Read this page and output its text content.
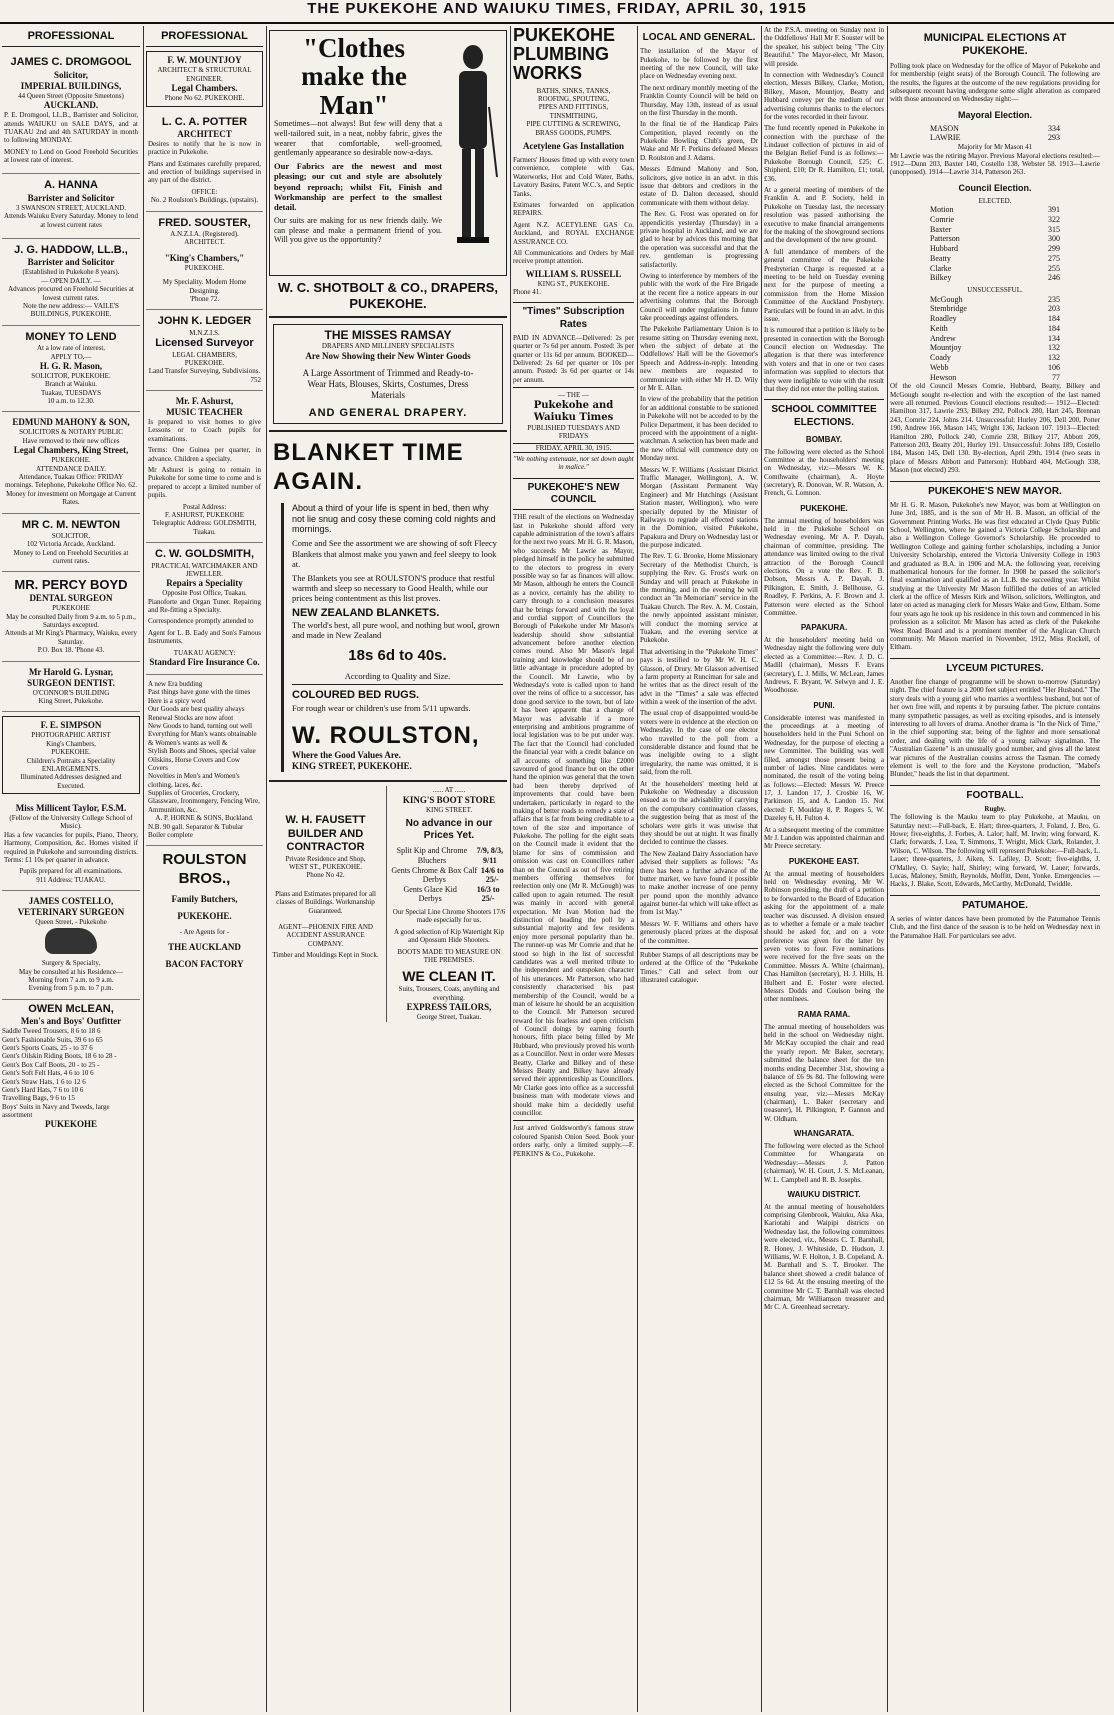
THE PUKEKOHE AND WAIUKU TIMES, FRIDAY, APRIL 30, 1915
PROFESSIONAL
JAMES C. DROMGOOL
Solicitor,
IMPERIAL BUILDINGS,
44 Queen Street (Opposite Smeetons)
AUCKLAND.

P. E. Dromgool, LL.B., Barrister and Solicitor, attends WAIUKU on SALE DAYS, and at TUAKAU 2nd and 4th SATURDAY in month to following MONDAY.

MONEY to Lend on Good Freehold Securities at lowest rate of interest.

A. HANNA
Barrister and Solicitor
3 SWANSON STREET, AUCKLAND.

Attends Waiuku Every Saturday. Money to lend at lowest current rates

J. G. HADDOW, LL.B.,
Barrister and Solicitor
(Established in Pukekohe 8 years).
— OPEN DAILY. —
Advances procured on Freehold Securities at lowest current rates.
Note the new address:— VAILE'S BUILDINGS, PUKEKOHE.
MONEY TO LEND
At a low rate of interest,
APPLY TO,—
H. G. R. Mason,
SOLICITOR, PUKEKOHE.
Branch at Waiuku.
Tuakau, TUESDAYS
10 a.m. to 12.30.
EDMUND MAHONY & SON,
SOLICITORS & NOTARY PUBLIC
Have removed to their new offices
Legal Chambers, King Street,
PUKEKOHE.
ATTENDANCE DAILY.
Attendance, Tuakau Office: FRIDAY mornings. Telephone, Pukekohe Office No. 62.
Money for investment on Mortgage at Current Rates.
MR C. M. NEWTON
SOLICITOR.
102 Victoria Arcade, Auckland.
Money to Lend on Freehold Securities at current rates.
MR. PERCY BOYD
DENTAL SURGEON
PUKEKOHE
May be consulted Daily from 9 a.m. to 5 p.m., Saturdays excepted.
Attends at Mr King's Pharmacy, Waiuku, every Saturday.
P.O. Box 18. 'Phone 43.
Mr Harold G. Lysnar,
SURGEON DENTIST.
O'CONNOR'S BUILDING
King Street, Pukekohe.
F. E. SIMPSON
PHOTOGRAPHIC ARTIST
King's Chambers,
PUKEKOHE.
Children's Portraits a Speciality
ENLARGEMENTS.
Illuminated Addresses designed and Executed.
Miss Millicent Taylor, F.S.M.
(Fellow of the University College School of Music).

Has a few vacancies for pupils, Piano, Theory, Harmony, Composition, &c. Homes visited if required in Pukekohe and surrounding districts. Terms: £1 10s per quarter in advance.

Pupils prepared for all examinations.
911 Address: TUAKAU.
JAMES COSTELLO,
VETERINARY SURGEON
Queen Street, - Pukekohe
Surgery & Specialty,
May be consulted at his Residence—
Morning from 7 a.m. to 9 a.m.
Evening from 5 p.m. to 7 p.m.
OWEN McLEAN,
Men's and Boys' Outfitter
Saddle Tweed Trousers, 8 6 to 18 6
Gent's Fashionable Suits, 39 6 to 65
Gent's Sports Coats, 25 - to 37 6
Gent's Oilskin Riding Boots, 18 6 to 28 -
Gent's Box Calf Boots, 20 - to 25 -
Gent's Soft Felt Hats, 4 6 to 10 6
Gent's Straw Hats, 1 6 to 12 6
Gent's Hard Hats, 7 6 to 10 6
Travelling Bags, 9 6 to 15
Boys' Suits in Navy and Tweeds, large assortment
PUKEKOHE
PROFESSIONAL
F. W. MOUNTJOY
ARCHITECT & STRUCTURAL ENGINEER.
Legal Chambers.
Phone No 62. PUKEKOHE.
L. C. A. POTTER
ARCHITECT

Desires to notify that he is now in practice in Pukekohe.

Plans and Estimates carefully prepared, and erection of buildings supervised in any part of the district.

OFFICE:
No. 2 Roulston's Buildings, (upstairs).
FRED. SOUSTER,
A.N.Z.I.A. (Registered).
ARCHITECT.
"King's Chambers,"
PUKEKOHE.
My Speciality. Modern Home Designing.
'Phone 72.
JOHN K. LEDGER
M.N.Z.I.S.
Licensed Surveyor
LEGAL CHAMBERS,
PUKEKOHE.
Land Transfer Surveying, Subdivisions.
752
Mr. F. Ashurst,
MUSIC TEACHER

Is prepared to visit homes to give Lessons or to Coach pupils for examinations.

Terms: One Guinea per quarter, in advance. Children a specialty.

Mr Ashurst is going to remain in Pukekohe for some time to come and is prepared to accept a limited number of pupils.

Postal Address:
F. ASHURST, PUKEKOHE
Telegraphic Address: GOLDSMITH, Tuakau.
C. W. GOLDSMITH,
PRACTICAL WATCHMAKER AND JEWELLER.
Repairs a Speciality
Opposite Post Office, Tuakau.

Pianoforte and Organ Tuner. Repairing and Re-fitting a Specialty.

Correspondence promptly attended to

Agent for L. B. Eady and Son's Famous Instruments.

TUAKAU AGENCY:
Standard Fire Insurance Co.
A new Era budding
Past things have gone with the times
Here is a spicy word
Our Goods are best quality always
Renewal Stocks are now afoot
New Goods to hand, turning out well
Everything for Man's wants obtainable
& Women's wants as well &
Stylish Boots and Shoes, special value
Oilskins, Horse Covers and Cow Covers
Novelties in Men's and Women's clothing, laces, &c.
Supplies of Groceries, Crockery, Glassware, Ironmongery, Fencing Wire, Ammunition, &c.
A. P. HORNE & SONS, Buckland.
N.B. 90 gall. Separator & Tubular Boiler complete
ROULSTON BROS.,
Family Butchers,
PUKEKOHE.
- Are Agents for -
THE AUCKLAND
BACON FACTORY
"Clothes make the Man"

Sometimes—not always! But few will deny that a well-tailored suit, in a neat, nobby fabric, gives the wearer that comfortable, well-groomed, gentlemanly appearance so desirable now-a-days.

Our Fabrics are the newest and most pleasing; our cut and style are absolutely beyond reproach; whilst Fit, Finish and Workmanship are perfect to the smallest detail.

Our suits are making for us new friends daily. We can please and make a permanent friend of you. Will you give us the opportunity?

W. C. SHOTBOLT & CO., DRAPERS, PUKEKOHE.
THE MISSES RAMSAY
DRAPERS AND MILLINERY SPECIALISTS
Are Now Showing their New Winter Goods

A Large Assortment of Trimmed and Ready-to-Wear Hats, Blouses, Skirts, Costumes, Dress Materials

AND GENERAL DRAPERY.
BLANKET TIME
AGAIN.

About a third of your life is spent in bed, then why not lie snug and cosy these coming cold nights and mornings.

Come and See the assortment we are showing of soft Fleecy Blankets that almost make you yawn and feel sleepy to look at.

The Blankets you see at ROULSTON'S produce that restful warmth and sleep so necessary to Good Health, while our prices being contentment as this list proves.

NEW ZEALAND BLANKETS.

The world's best, all pure wool, and nothing but wool, grown and made in New Zealand

18s 6d to 40s.

According to Quality and Size.

COLOURED BED RUGS.

For rough wear or children's use from 5/11 upwards.

W. ROULSTON,
Where the Good Values Are.
KING STREET, PUKEKOHE.
W. H. FAUSETT
BUILDER AND
CONTRACTOR
Private Residence and Shop,
WEST ST., PUKEKOHE.
Phone No 42.

Plans and Estimates prepared for all classes of Buildings. Workmanship Guaranteed.

AGENT—PHOENIX FIRE AND ACCIDENT ASSURANCE COMPANY.

Timber and Mouldings Kept in Stock.

...... AT ......
KING'S BOOT STORE
KING STREET.
No advance in our Prices Yet.
Split Kip and Chrome Bluchers
7/9, 8/3, 9/11
Gents Chrome & Box Calf Derbys
14/6 to 25/-
Gents Glace Kid Derbys
16/3 to 25/-

Our Special Line Chrome Shooters 17/6 made especially for us.

A good selection of Kip Watertight Kip and Opossum Hide Shooters.

BOOTS MADE TO MEASURE ON THE PREMISES.

WE CLEAN IT.
Suits, Trousers, Coats, anything and everything.
EXPRESS TAILORS,
George Street, Tuakau.
PUKEKOHE PLUMBING WORKS
BATHS, SINKS, TANKS,
ROOFING, SPOUTING,
PIPES AND FITTINGS,
TINSMITHING,
PIPE CUTTING & SCREWING,
BRASS GOODS, PUMPS.
Acetylene Gas Installation

Farmers' Houses fitted up with every town convenience, complete with Gas, Waterworks, Hot and Cold Water, Baths, Lavatory Basins, Patent W.C.'s, and Septic Tanks.

Estimates forwarded on application REPAIRS.

Agent N.Z. ACETYLENE GAS Co. Auckland, and ROYAL EXCHANGE ASSURANCE CO.

All Communications and Orders by Mail receive prompt attention.

WILLIAM S. RUSSELL
KING ST., PUKEKOHE.
Phone 41.
"Times" Subscription Rates

PAID IN ADVANCE—Delivered: 2s per quarter or 7s 6d per annum. Posted: 3s per quarter or 11s 6d per annum. BOOKED—Delivered: 2s 6d per quarter or 10s per annum. Posted: 3s 6d per quarter or 14s per annum.

— THE —
Pukekohe and Waiuku Times
PUBLISHED TUESDAYS AND FRIDAYS
FRIDAY, APRIL 30, 1915.
"We nothing extenuate, nor set down aught in malice."
PUKEKOHE'S NEW COUNCIL

THE result of the elections on Wednesday last in Pukekohe should afford very capable administration of the town's affairs for the next two years. Mr H. G. R. Mason, who succeeds Mr Lawrie as Mayor, pledged himself in the policy he submitted to the electors to progress in every possible way so far as finances will allow. Mr Mason, although he enters the Council as a novice, certainly has the ability to carry through to a conclusion measures that he brings forward and with the loyal and cordial support of Councillors the Borough of Pukekohe under Mr Mason's leadership should show substantial advancement before another election comes round. Also Mr Mason's legal training and knowledge should be of no little advantage in procedure adopted by the Council. Mr Lawrie, who by Wednesday's vote is called upon to hand over the reins of office to a successor, has done good service to the town, but of late it has been apparent that a change of Mayor was advisable if a more enterprising and ambitious programme of local legislation was to be put under way. The fact that the Council had concluded the financial year with a credit balance on all accounts of something like £2000 savoured of good finance but on the other hand the opinion was general that the town had been thereby deprived of improvements that could have been undertaken, particularly in regard to the making of better roads to remedy a state of affairs that is far from being creditable to a town of the size and importance of Pukekohe. The polling for the eight seats on the Council made it evident that the blame for sins of commission and omission was cast on Councillors rather than on the Council as out of five retiring members offering themselves for reelection only one (Mr R. McGough) was called upon to again returned. The result was mainly in accord with general expectation. Mr Ivan Motion had the distinction of heading the poll by a substantial majority and few residents enjoy more personal popularity than he. The runner-up was Mr Comrie and that he stood so high in the list of successful candidates was a well merited tribute to the independent and outspoken character of his utterances. Mr Patterson, who had consistently characterised his past membership of the Council, would be a man of leisure he should be an acquisition to the Council. Mr Patterson secured reward for his fearless and open criticism of Council doings by earning fourth honours, fifth place being filled by Mr Hubbard, who previously proved his worth as a Councillor. Next in order were Messrs Beatty, Clarke and Bilkey and of these Messrs Beatty and Bilkey have already served their apprenticeship as Councillors. Mr Clarke goes into office as a successful business man with moderate views and should make him a decidedly useful councillor.

Just arrived Goldsworthy's famous straw coloured Spanish Onion Seed. Book your orders early, only a limited supply.—F. PERKIN'S & Co., Pukekohe.

LOCAL AND GENERAL.

The installation of the Mayor of Pukekohe, to be followed by the first meeting of the new Council, will take place on Wednesday evening next.

The next ordinary monthly meeting of the Franklin County Council will be held on Thursday, May 13th, instead of as usual on the first Thursday in the month.

In the final tie of the Handicap Pairs Competition, played recently on the Pukekohe Bowling Club's green, Dr Wake and Mr F. Perkins defeated Messrs D. Roulston and J. Adams.

Messrs Edmund Mahony and Son, solicitors, give notice in an advt. in this issue that debtors and creditors in the estate of D. Dalton deceased, should communicate with them without delay.

The Rev. G. Frost was operated on for appendicitis yesterday (Thursday) in a private hospital in Auckland, and we are glad to hear by advices this morning that the operation was successful and that the rev. gentleman is progressing satisfactorily.

Owing to interference by members of the public with the work of the Fire Brigade at the recent fire a notice appears in our advertising columns that the Borough Council will under regulations in future take proceedings against offenders.

The Pukekohe Parliamentary Union is to resume sitting on Thursday evening next, when the subject of debate at the Oddfellows' Hall will be the Governor's Speech and Address-in-reply. Intending new members are requested to communicate with either Mr H. D. Wily or Mr E. Allan.

In view of the probability that the petition for an additional constable to be stationed in Pukekohe will not be acceded to by the Police Department, it has been decided to proceed with the appointment of a night-watchman. A selection has been made and the new official will commence duty on Monday next.

Messrs W. F. Williams (Assistant District Traffic Manager, Wellington), A. W. Morgan (Assistant Permanent Way Engineer) and Mr Hutchings (Assistant Station master, Wellington), who were specially deputed by the Minister of Railways to regrade all effected stations in the Dominion, visited Pukekohe, Papakura and Drury on Wednesday last or the purpose indicated.

The Rev. T. G. Brooke, Home Missionary Secretary of the Methodist Church, is supplying the Rev. G. Frost's work on Sunday and will preach at Pukekohe in the morning, and in the evening he will conduct an "In Memoriam" service in the Tuakau Church. The Rev. A. M. Costain, the newly appointed assistant minister, will conduct the morning service at Tuakau, and the evening service at Pukekohe.

That advertising in the "Pukekohe Times" pays is testified to by Mr W. H. C. Glasson, of Drury. Mr Glasson advertised a farm property at Runciman for sale and he writes that as the direct result of the advt in the "Times" a sale was effected within a week of the insertion of the advt.

The usual crop of disappointed would-be voters were in evidence at the election on Wednesday. In the case of one elector who travelled to the poll from a considerable distance and found that he was ineligible owing to a slight irregularity, the name was omitted, it is said, from the roll.

At the householders' meeting held at Pukekohe on Wednesday a discussion ensued as to the advisability of carrying on the compulsory continuation classes, the suggestion being that as most of the scholars were girls it was unwise that they should be out at night. It was finally decided to continue the classes.

The New Zealand Dairy Association have advised their suppliers as follows: "As there has been a further advance of the butter market, we have found it possible to make another increase of one penny per pound upon the monthly advance against butter-fat which will take effect as from 1st May."

Messrs W. F. Williams and others have generously placed prizes at the disposal of the committee.

Rubber Stamps of all descriptions may be ordered at the Office of the "Pukekohe Times." Call and select from our illustrated catalogue.

At the P.S.A. meeting on Sunday next in the Oddfellows' Hall Mr F. Souster will be the speaker, his subject being "The City Beautiful." The Mayor-elect, Mr Mason, will preside.

In connection with Wednesday's Council election, Messrs Bilkey, Clarke, Motion, Bilkey, Mason, Mountjoy, Beatty and Hubbard convey per the medium of our advertising columns thanks to the electors for the votes recorded in their favour.

The fund recently opened in Pukekohe in connection with the purchase of the Lindauer collection of pictures in aid of the Belgian Relief Fund is as follows:—Pukekohe Borough Council, £25; C. Shipherd, £10; Dr R. Hamilton, £1; total, £36.

At a general meeting of members of the Franklin A. and P. Society, held in Pukekohe on Tuesday last, the necessary resolution was passed authorising the executive to make financial arrangements for the making of the showground sections and the development of the new ground.

A full attendance of members of the general committee of the Pukekohe Presbyterian Charge is requested at a meeting to be held on Tuesday evening next for the purpose of meeting a commission from the Home Mission Committee of the Auckland Presbytery. Particulars will be found in an advt. in this issue.

It is rumoured that a petition is likely to be presented in connection with the Borough Council election on Wednesday. The allegation is that there was interference with voters and that in one or two cases information was supplied to electors that they were ineligible to vote with the result that they did not enter the polling station.

SCHOOL COMMITTEE ELECTIONS.
BOMBAY.

The following were elected as the School Committee at the householders' meeting on Wednesday, viz:—Messrs W. K. Comthwaite (chairman), A. Hoyte (secretary), R. Donovan, W. R. Watson, A. French, G. Lomnon.

PUKEKOHE.

The annual meeting of householders was held in the Pukekohe School on Wednesday evening, Mr A. P. Dayah, chairman of committee, presiding. The attendance was limited owing to the rival attraction of the Borough Council elections. On a vote the Rev. F. B. Dobson, Messrs A. P. Dayah, J. Pilkington, E. Smith, J. Bellhouse, G. Roadley, F. Perkins, A. F. Brown and J. Patterson were elected as the School Committee.

PAPAKURA.

At the householders' meeting held on Wednesday night the following were duly elected as a Committee:—Rev. J. D. C. Madill (chairman), Messrs F. Evans (secretary), L. J. Mills, W. McLean, James Andrews, F. Bryant, W. Selwyn and J. E. Woodhouse.

PUNI.

Considerable interest was manifested in the proceedings at a meeting of householders held in the Puni School on Wednesday, for the purpose of electing a new Committee. The building was well filled, amongst those present being a number of ladies. Nine candidates were nominated, the result of the voting being as follows:—Elected: Messrs W. Preece 17, J. Landon 17, J. Crosbie 16, W. Parkinson 15, and A. Landon 15. Not elected: F. Moulday 8, P. Rogers 5, W. Dazeley 6, H. Fulton 4.

At a subsequent meeting of the committee Mr J. Landon was appointed chairman and Mr Preece secretary.

PUKEKOHE EAST.

At the annual meeting of householders held on Wednesday evening, Mr W. Robinson presiding, the draft of a petition to be forwarded to the Board of Education asking for the appointment of a male teacher was discussed. A division ensued as to whether a female or a male teacher should be asked for, and on a vote preference was given for the latter by seven votes to four. Five nominations were received for the five seats on the Committee. Messrs A. White (chairman), Chas Hamilton (secretary), H. J. Hills, H. Hulbert and E. Foster were elected. Messrs Dodds and Coulson being the other nominees.

RAMA RAMA.

The annual meeting of householders was held in the school on Wednesday night. Mr McKay occupied the chair and read the yearly report. Mr Baker, secretary, submitted the balance sheet for the ten months ending December 31st, showing a balance of £6 9s 8d. The following were elected as the School Committee for the ensuing year, viz:—Messrs McKay (chairman), L. Baker (secretary and treasurer), H. Pilkington, P. Gannon and W. Oldham.

WHANGARATA.

The following were elected as the School Committee for Whangarata on Wednesday:—Messrs J. Patton (chairman), W. H. Court, J. S. McLeanan, W. L. Campbell and R. B. Josephs.

WAIUKU DISTRICT.

At the annual meeting of householders comprising Glenbrook, Waiuku, Aka Aka, Kariotahi and Waipipi districts on Wednesday last, the following committees were elected, viz., Messrs C. T. Barnhall, R. Honey, J. Whiteside, D. Hudson, J. Williams, W. F. Holton, J. B. Copeland, A. M. Barnhall and S. T. Brooker. The balance sheet showed a credit balance of £12 5s 6d. At the ensuing meeting of the committee Mr C. T. Barnhall was elected chairman, Mr Williamson treasurer and Mr C. A. Greenhead secretary.

MUNICIPAL ELECTIONS AT PUKEKOHE.

Polling took place on Wednesday for the office of Mayor of Pukekohe and for membership (eight seats) of the Borough Council. The following are the results, the figures at the outcome of the new regulations providing for subsequent recount having undergone some slight alteration as compared with those announced on Wednesday night:—

Mayoral Election.
MASON	334
LAWRIE	293
Majority for Mr Mason 41

Mr Lawrie was the retiring Mayor. Previous Mayoral elections resulted:— 1912—Dunn 203, Baxter 140, Costello 138, Webster 58. 1913—Lawrie (unopposed). 1914—Lawrie 314, Patterson 263.

Council Election.
ELECTED.
Motion	391
Comrie	322
Baxter	315
Patterson	300
Hubbard	299
Beatty	275
Clarke	255
Bilkey	246
UNSUCCESSFUL.
McGough	235
Stembridge	203
Roadley	184
Keith	184
Andrew	134
Mountjoy	132
Coady	132
Webb	106
Hewson	77

Of the old Council Messrs Comrie, Hubbard, Beatty, Bilkey and McGough sought re-election and with the exception of the last named were all returned. Previous Council elections resulted:— 1912—Elected: Hamilton 317, Lawrie 293, Bilkey 292, Pollock 280, Hart 245, Brennan 243, Comrie 224, Johns 214. Unsuccessful: Hurley 206, Dell 200, Potter 190, Andrew 166, Mason 145, Wright 136, Jackson 107. 1913—Elected: Hamilton 280, Pollock 240, Comrie 238, Bilkey 217, Abbott 209, Patterson 203, Beatty 201, Hurley 191. Unsuccessful: Johns 189, Costello 184, Mason 145, Dell 130. By-election, April 29th, 1914 (two seats in place of Messrs Abbott and Patterson): Hubbard 404, McGough 338, Mason (not elected) 293.

PUKEKOHE'S NEW MAYOR.

Mr H. G. R. Mason, Pukekohe's new Mayor, was born at Wellington on June 3rd, 1885, and is the son of Mr H. B. Mason, an official of the Government Printing Works. He was first educated at Clyde Quay Public School, Wellington, where he gained a Victoria College Scholarship and also a Wellington College Governor's Scholarship. He proceeded to Wellington College and gaining further scholarships, including a Junior University Scholarship, entered the Victoria University College in 1903 and graduated as B.A. in 1906 and M.A. the following year, receiving mathematical honours for the former. In 1908 he passed the solicitor's final examination and qualified as an LL.B. the succeeding year. Whilst studying at the University Mr Mason fulfilled the duties of an articled clerk at the office of Messrs Kirk and Wilson, solicitors, Wellington, and later on acted as managing clerk for Messrs Wake and Gow, Eltham. Some four years ago he took up his residence in this town and commenced in his profession as a solicitor. Mr Mason has acted as clerk of the Pukekohe West Road Board and is a prominent member of the Anglican Church community. Mr Mason married in November, 1912, Miss Rockell, of Eltham.

LYCEUM PICTURES.

Another fine change of programme will be shown to-morrow (Saturday) night. The chief feature is a 2000 feet subject entitled "Her Husband." The story deals with a young girl who marries a worthless husband, but not of her own free will, and repents it by pursuing father. The picture contains many sympathetic passages, as well as exciting episodes, and is intensely interesting to all lovers of drama. Another drama is "In the Nick of Time," in the chief supporting star, being of the lighter and more sensational order, and dealing with the life of a young railway signalman. The "Australian Gazette" is an unusually good number, and gives all the latest war pictures of the Australian cousins across the Tasman. The comedy element is well to the fore and the Keystone production, "Mabel's Blunder," heads the list in that department.

FOOTBALL.
Rugby.

The following is the Mauku team to play Pukekohe, at Mauku, on Saturday next:—Full-back, E. Hart; three-quarters, J. Foland, J. Bro, G. Howe; five-eighths, J. Forbes, A. Lalor; half, M. Irwin; wing forward, K. Clark; forwards, J. Lea, T. Simmons, T. Wright, Mick Clark, Rolander, J. Wilson, C. Wilson. The following will represent Pukekohe:—Full-back, L. Lauer; three-quarters, J. Aiken, S. Lafiley, D. Scott; five-eighths, J. O'Malley, O. Sayle; half, Shirley; wing forward, W. Lauer; forwards, Lucas, Maloney, Smith, Reynolds, Moffitt, Dent, Yonke. Emergencies —Hacks, J. Blake, Scott, Edwards, McCarthy, McDonald, Twiddle.

PATUMAHOE.

A series of winter dances have been promoted by the Patumahoe Tennis Club, and the first dance of the season is to be held on Wednesday next in the Patumahoe Hall. For particulars see advt.
